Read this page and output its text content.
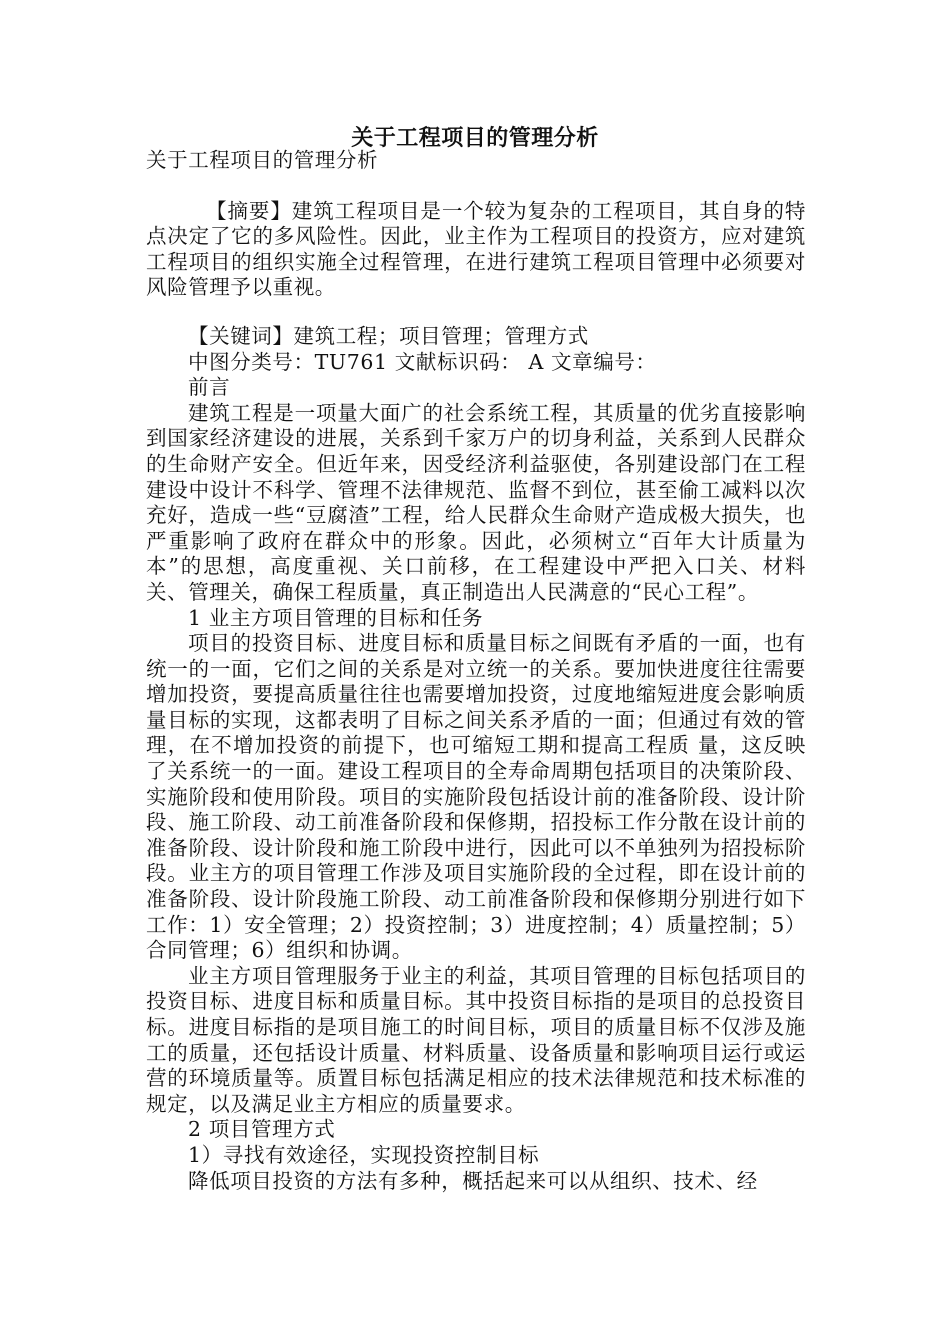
关于工程项目的管理分析

关于工程项目的管理分析

【摘要】建筑工程项目是一个较为复杂的工程项目，其自身的特点决定了它的多风险性。因此，业主作为工程项目的投资方，应对建筑工程项目的组织实施全过程管理，在进行建筑工程项目管理中必须要对风险管理予以重视。

【关键词】建筑工程；项目管理；管理方式

中图分类号：TU761 文献标识码： A 文章编号：

前言

建筑工程是一项量大面广的社会系统工程，其质量的优劣直接影响到国家经济建设的进展，关系到千家万户的切身利益，关系到人民群众的生命财产安全。但近年来，因受经济利益驱使，各别建设部门在工程建设中设计不科学、管理不法律规范、监督不到位，甚至偷工减料以次充好，造成一些“豆腐渣”工程，给人民群众生命财产造成极大损失，也严重影响了政府在群众中的形象。因此，必须树立“百年大计质量为本”的思想，高度重视、关口前移，在工程建设中严把入口关、材料关、管理关，确保工程质量，真正制造出人民满意的“民心工程”。

1 业主方项目管理的目标和任务

项目的投资目标、进度目标和质量目标之间既有矛盾的一面，也有统一的一面，它们之间的关系是对立统一的关系。要加快进度往往需要增加投资，要提高质量往往也需要增加投资，过度地缩短进度会影响质量目标的实现，这都表明了目标之间关系矛盾的一面；但通过有效的管理，在不增加投资的前提下，也可缩短工期和提高工程质 量，这反映了关系统一的一面。建设工程项目的全寿命周期包括项目的决策阶段、实施阶段和使用阶段。项目的实施阶段包括设计前的准备阶段、设计阶段、施工阶段、动工前准备阶段和保修期，招投标工作分散在设计前的准备阶段、设计阶段和施工阶段中进行，因此可以不单独列为招投标阶段。业主方的项目管理工作涉及项目实施阶段的全过程，即在设计前的准备阶段、设计阶段施工阶段、动工前准备阶段和保修期分别进行如下工作：1）安全管理；2）投资控制；3）进度控制；4）质量控制；5）合同管理；6）组织和协调。

业主方项目管理服务于业主的利益，其项目管理的目标包括项目的投资目标、进度目标和质量目标。其中投资目标指的是项目的总投资目标。进度目标指的是项目施工的时间目标，项目的质量目标不仅涉及施工的质量，还包括设计质量、材料质量、设备质量和影响项目运行或运营的环境质量等。质置目标包括满足相应的技术法律规范和技术标准的规定，以及满足业主方相应的质量要求。

2 项目管理方式

1）寻找有效途径，实现投资控制目标

降低项目投资的方法有多种，概括起来可以从组织、技术、经
